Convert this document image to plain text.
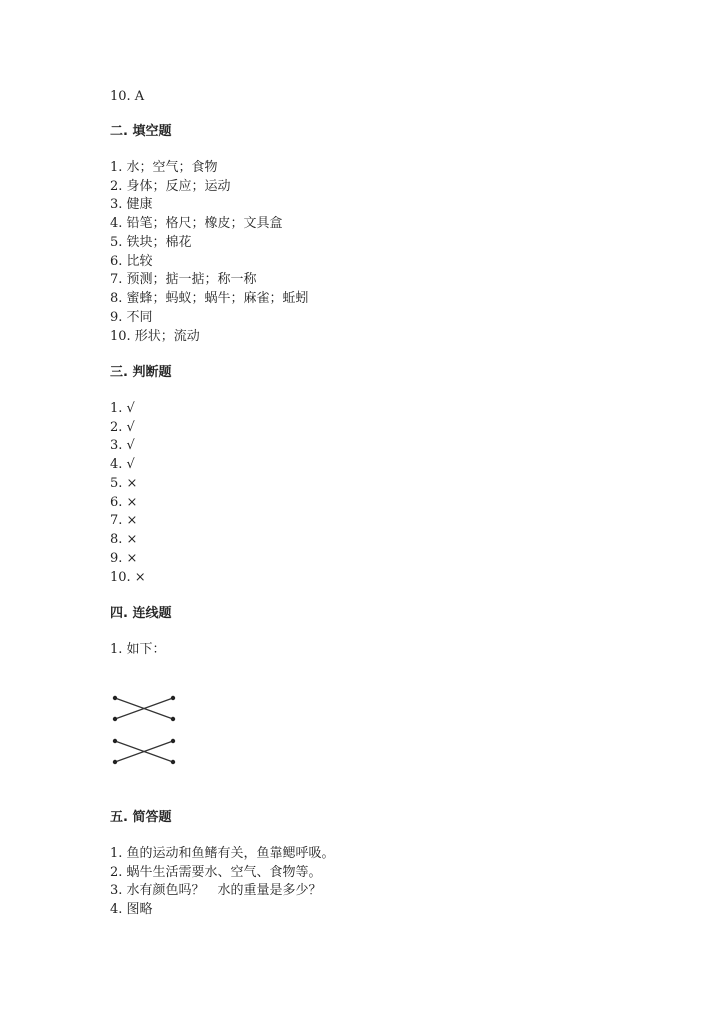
10. A
二. 填空题
1. 水；空气；食物
2. 身体；反应；运动
3. 健康
4. 铅笔；格尺；橡皮；文具盒
5. 铁块；棉花
6. 比较
7. 预测；掂一掂；称一称
8. 蜜蜂；蚂蚁；蜗牛；麻雀；蚯蚓
9. 不同
10. 形状；流动
三. 判断题
1. √
2. √
3. √
4. √
5. ×
6. ×
7. ×
8. ×
9. ×
10. ×
四. 连线题
1. 如下：
五. 简答题
1. 鱼的运动和鱼鳍有关，鱼靠鳃呼吸。
2. 蜗牛生活需要水、空气、食物等。
3. 水有颜色吗？　水的重量是多少？
4. 图略
